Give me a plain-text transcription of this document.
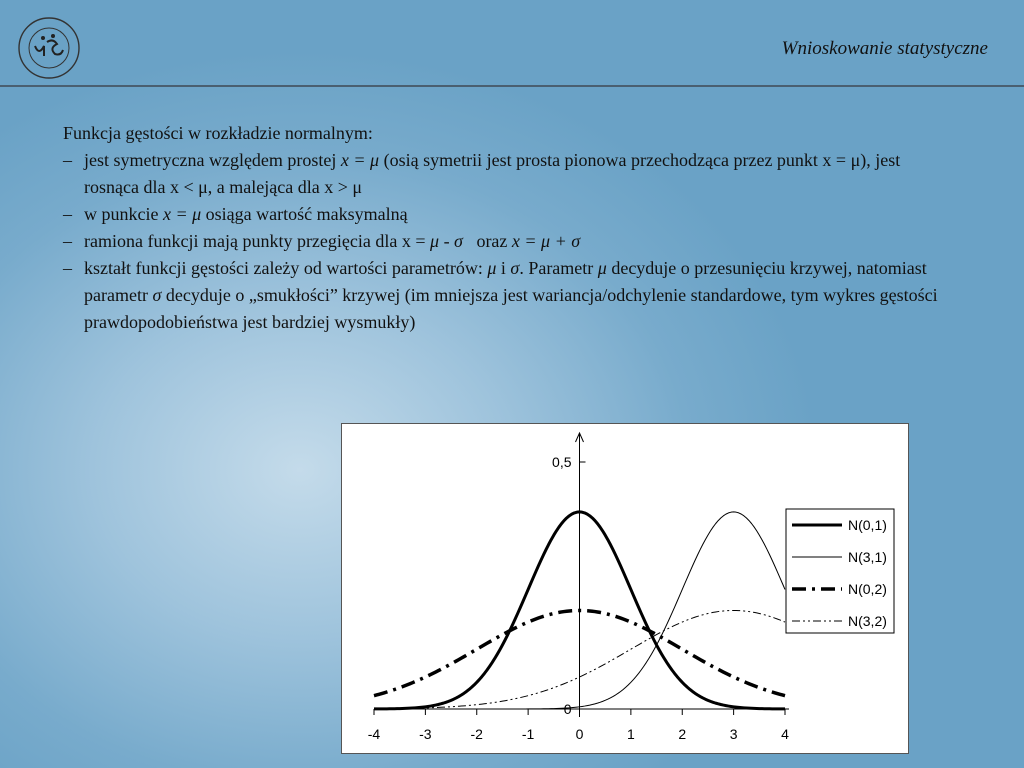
Wnioskowanie statystyczne

Funkcja gęstości w rozkładzie normalnym:

– jest symetryczna względem prostej x = μ (osią symetrii jest prosta pionowa przechodząca przez punkt x = μ), jest rosnąca dla x < μ, a malejąca dla x > μ

– w punkcie x = μ osiąga wartość maksymalną

– ramiona funkcji mają punkty przegięcia dla x = μ - σ   oraz x = μ + σ

– kształt funkcji gęstości zależy od wartości parametrów: μ i σ. Parametr μ decyduje o przesunięciu krzywej, natomiast parametr σ decyduje o „smukłości” krzywej (im mniejsza jest wariancja/odchylenie standardowe, tym wykres gęstości prawdopodobieństwa jest bardziej wysmukły)

-4	-3	-2	-1	0	1	2	3	4
0
0,5
N(0,1)
N(3,1)
N(0,2)
N(3,2)
